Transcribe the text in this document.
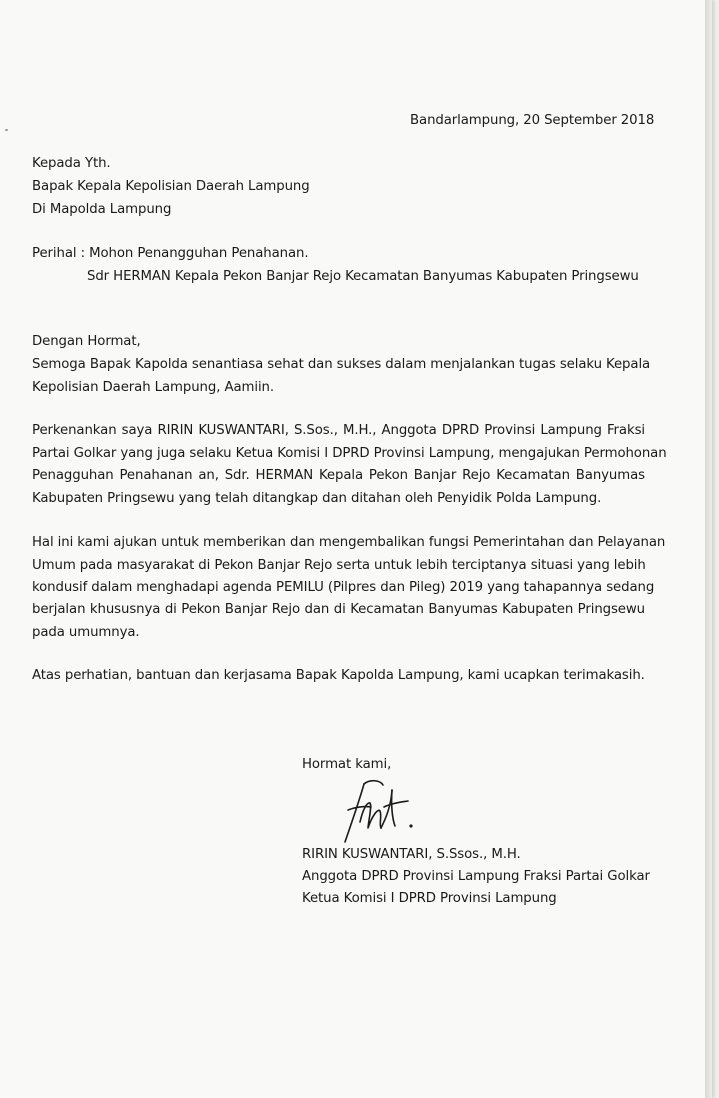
Bandarlampung, 20 September 2018
Kepada Yth.
Bapak Kepala Kepolisian Daerah Lampung
Di Mapolda Lampung
Perihal : Mohon Penangguhan Penahanan.
Sdr HERMAN Kepala Pekon Banjar Rejo Kecamatan Banyumas Kabupaten Pringsewu
Dengan Hormat,
Semoga Bapak Kapolda senantiasa sehat dan sukses dalam menjalankan tugas selaku Kepala
Kepolisian Daerah Lampung, Aamiin.
Perkenankan saya RIRIN KUSWANTARI, S.Sos., M.H., Anggota DPRD Provinsi Lampung Fraksi
Partai Golkar yang juga selaku Ketua Komisi I DPRD Provinsi Lampung, mengajukan Permohonan
Penagguhan Penahanan an, Sdr. HERMAN Kepala Pekon Banjar Rejo Kecamatan Banyumas
Kabupaten Pringsewu yang telah ditangkap dan ditahan oleh Penyidik Polda Lampung.
Hal ini kami ajukan untuk memberikan dan mengembalikan fungsi Pemerintahan dan Pelayanan
Umum pada masyarakat di Pekon Banjar Rejo serta untuk lebih terciptanya situasi yang lebih
kondusif dalam menghadapi agenda PEMILU (Pilpres dan Pileg) 2019 yang tahapannya sedang
berjalan khususnya di Pekon Banjar Rejo dan di Kecamatan Banyumas Kabupaten Pringsewu
pada umumnya.
Atas perhatian, bantuan dan kerjasama Bapak Kapolda Lampung, kami ucapkan terimakasih.
Hormat kami,
RIRIN KUSWANTARI, S.Ssos., M.H.
Anggota DPRD Provinsi Lampung Fraksi Partai Golkar
Ketua Komisi I DPRD Provinsi Lampung
